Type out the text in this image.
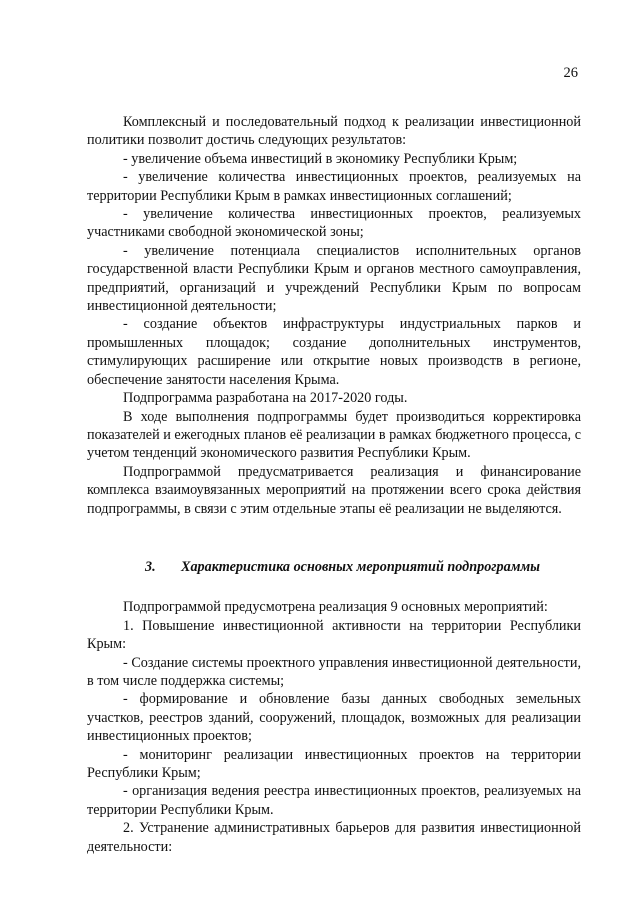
26

Комплексный и последовательный подход к реализации инвестиционной политики позволит достичь следующих результатов:

- увеличение объема инвестиций в экономику Республики Крым;

- увеличение количества инвестиционных проектов, реализуемых на территории Республики Крым в рамках инвестиционных соглашений;

- увеличение количества инвестиционных проектов, реализуемых участниками свободной экономической зоны;

- увеличение потенциала специалистов исполнительных органов государственной власти Республики Крым и органов местного самоуправления, предприятий, организаций и учреждений Республики Крым по вопросам инвестиционной деятельности;

- создание объектов инфраструктуры индустриальных парков и промышленных площадок; создание дополнительных инструментов, стимулирующих расширение или открытие новых производств в регионе, обеспечение занятости населения Крыма.

Подпрограмма разработана на 2017-2020 годы.

В ходе выполнения подпрограммы будет производиться корректировка показателей и ежегодных планов её реализации в рамках бюджетного процесса, с учетом тенденций экономического развития Республики Крым.

Подпрограммой предусматривается реализация и финансирование комплекса взаимоувязанных мероприятий на протяжении всего срока действия подпрограммы, в связи с этим отдельные этапы её реализации не выделяются.

3. Характеристика основных мероприятий подпрограммы

Подпрограммой предусмотрена реализация 9 основных мероприятий:

1. Повышение инвестиционной активности на территории Республики Крым:

- Создание системы проектного управления инвестиционной деятельности, в том числе поддержка системы;

- формирование и обновление базы данных свободных земельных участков, реестров зданий, сооружений, площадок, возможных для реализации инвестиционных проектов;

- мониторинг реализации инвестиционных проектов на территории Республики Крым;

- организация ведения реестра инвестиционных проектов, реализуемых на территории Республики Крым.

2. Устранение административных барьеров для развития инвестиционной деятельности:
